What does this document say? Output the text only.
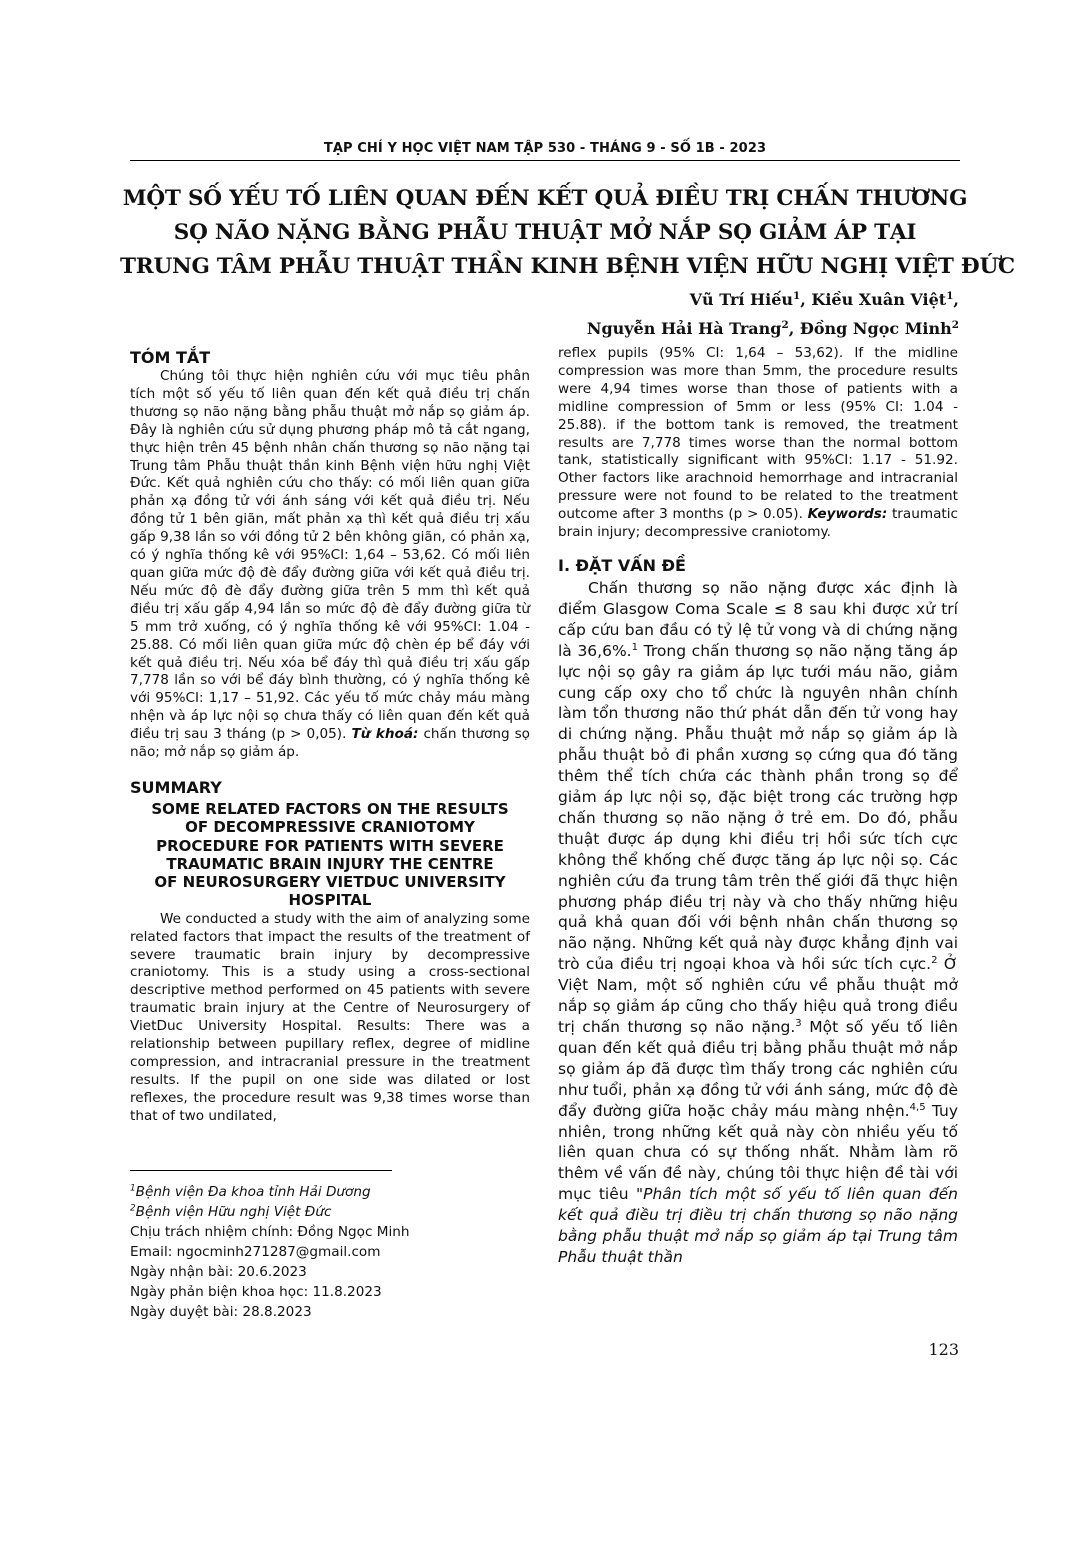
TẠP CHÍ Y HỌC VIỆT NAM TẬP 530 - THÁNG 9 - SỐ 1B - 2023
MỘT SỐ YẾU TỐ LIÊN QUAN ĐẾN KẾT QUẢ ĐIỀU TRỊ CHẤN THƯƠNG
SỌ NÃO NẶNG BẰNG PHẪU THUẬT MỞ NẮP SỌ GIẢM ÁP TẠI
TRUNG TÂM PHẪU THUẬT THẦN KINH BỆNH VIỆN HỮU NGHỊ VIỆT ĐỨC
Vũ Trí Hiếu$^1$, Kiều Xuân Việt$^1$,
Nguyễn Hải Hà Trang$^2$, Đồng Ngọc Minh$^2$
TÓM TẮT

Chúng tôi thực hiện nghiên cứu với mục tiêu phân tích một số yếu tố liên quan đến kết quả điều trị chấn thương sọ não nặng bằng phẫu thuật mở nắp sọ giảm áp. Đây là nghiên cứu sử dụng phương pháp mô tả cắt ngang, thực hiện trên 45 bệnh nhân chấn thương sọ não nặng tại Trung tâm Phẫu thuật thần kinh Bệnh viện hữu nghị Việt Đức. Kết quả nghiên cứu cho thấy: có mối liên quan giữa phản xạ đồng tử với ánh sáng với kết quả điều trị. Nếu đồng tử 1 bên giãn, mất phản xạ thì kết quả điều trị xấu gấp 9,38 lần so với đồng tử 2 bên không giãn, có phản xạ, có ý nghĩa thống kê với 95%CI: 1,64 – 53,62. Có mối liên quan giữa mức độ đè đẩy đường giữa với kết quả điều trị. Nếu mức độ đè đẩy đường giữa trên 5 mm thì kết quả điều trị xấu gấp 4,94 lần so mức độ đè đẩy đường giữa từ 5 mm trở xuống, có ý nghĩa thống kê với 95%CI: 1.04 - 25.88. Có mối liên quan giữa mức độ chèn ép bể đáy với kết quả điều trị. Nếu xóa bể đáy thì quả điều trị xấu gấp 7,778 lần so với bể đáy bình thường, có ý nghĩa thống kê với 95%CI: 1,17 – 51,92. Các yếu tố mức chảy máu màng nhện và áp lực nội sọ chưa thấy có liên quan đến kết quả điều trị sau 3 tháng (p > 0,05). Từ khoá: chấn thương sọ não; mở nắp sọ giảm áp.

SUMMARY
SOME RELATED FACTORS ON THE RESULTS
OF DECOMPRESSIVE CRANIOTOMY
PROCEDURE FOR PATIENTS WITH SEVERE
TRAUMATIC BRAIN INJURY THE CENTRE
OF NEUROSURGERY VIETDUC UNIVERSITY
HOSPITAL

We conducted a study with the aim of analyzing some related factors that impact the results of the treatment of severe traumatic brain injury by decompressive craniotomy. This is a study using a cross-sectional descriptive method performed on 45 patients with severe traumatic brain injury at the Centre of Neurosurgery of VietDuc University Hospital. Results: There was a relationship between pupillary reflex, degree of midline compression, and intracranial pressure in the treatment results. If the pupil on one side was dilated or lost reflexes, the procedure result was 9,38 times worse than that of two undilated,

reflex pupils (95% CI: 1,64 – 53,62). If the midline compression was more than 5mm, the procedure results were 4,94 times worse than those of patients with a midline compression of 5mm or less (95% CI: 1.04 - 25.88). if the bottom tank is removed, the treatment results are 7,778 times worse than the normal bottom tank, statistically significant with 95%CI: 1.17 - 51.92. Other factors like arachnoid hemorrhage and intracranial pressure were not found to be related to the treatment outcome after 3 months (p > 0.05). Keywords: traumatic brain injury; decompressive craniotomy.

I. ĐẶT VẤN ĐỀ

Chấn thương sọ não nặng được xác định là điểm Glasgow Coma Scale ≤ 8 sau khi được xử trí cấp cứu ban đầu có tỷ lệ tử vong và di chứng nặng là 36,6%.$^1$ Trong chấn thương sọ não nặng tăng áp lực nội sọ gây ra giảm áp lực tưới máu não, giảm cung cấp oxy cho tổ chức là nguyên nhân chính làm tổn thương não thứ phát dẫn đến tử vong hay di chứng nặng. Phẫu thuật mở nắp sọ giảm áp là phẫu thuật bỏ đi phần xương sọ cứng qua đó tăng thêm thể tích chứa các thành phần trong sọ để giảm áp lực nội sọ, đặc biệt trong các trường hợp chấn thương sọ não nặng ở trẻ em. Do đó, phẫu thuật được áp dụng khi điều trị hồi sức tích cực không thể khống chế được tăng áp lực nội sọ. Các nghiên cứu đa trung tâm trên thế giới đã thực hiện phương pháp điều trị này và cho thấy những hiệu quả khả quan đối với bệnh nhân chấn thương sọ não nặng. Những kết quả này được khẳng định vai trò của điều trị ngoại khoa và hồi sức tích cực.$^2$ Ở Việt Nam, một số nghiên cứu về phẫu thuật mở nắp sọ giảm áp cũng cho thấy hiệu quả trong điều trị chấn thương sọ não nặng.$^3$ Một số yếu tố liên quan đến kết quả điều trị bằng phẫu thuật mở nắp sọ giảm áp đã được tìm thấy trong các nghiên cứu như tuổi, phản xạ đồng tử với ánh sáng, mức độ đè đẩy đường giữa hoặc chảy máu màng nhện.$^{4,5}$ Tuy nhiên, trong những kết quả này còn nhiều yếu tố liên quan chưa có sự thống nhất. Nhằm làm rõ thêm về vấn đề này, chúng tôi thực hiện đề tài với mục tiêu "Phân tích một số yếu tố liên quan đến kết quả điều trị điều trị chấn thương sọ não nặng bằng phẫu thuật mở nắp sọ giảm áp tại Trung tâm Phẫu thuật thần

$^1$Bệnh viện Đa khoa tỉnh Hải Dương
$^2$Bệnh viện Hữu nghị Việt Đức
Chịu trách nhiệm chính: Đồng Ngọc Minh
Email: ngocminh271287@gmail.com
Ngày nhận bài: 20.6.2023
Ngày phản biện khoa học: 11.8.2023
Ngày duyệt bài: 28.8.2023
123
